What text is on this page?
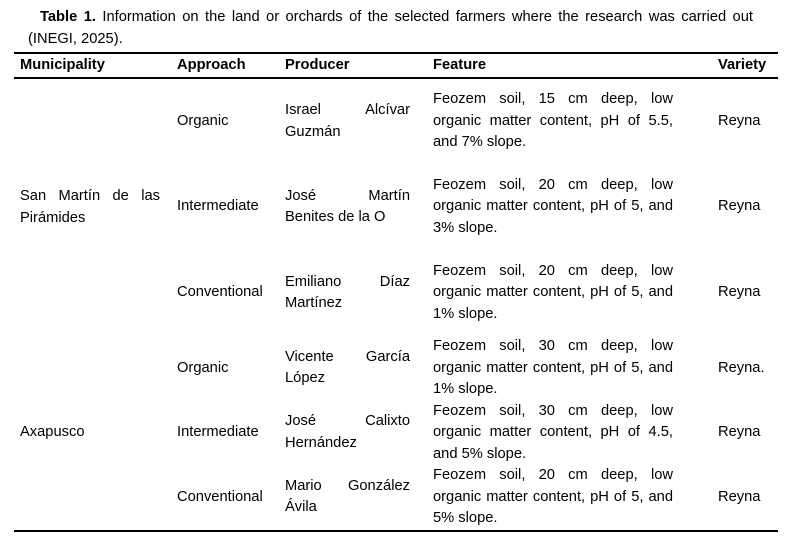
Table 1. Information on the land or orchards of the selected farmers where the research was carried out (INEGI, 2025).

Municipality	Approach	Producer	Feature	Variety
San Martín de las Pirámides	Organic	Israel Alcívar Guzmán	Feozem soil, 15 cm deep, low organic matter content, pH of 5.5, and 7% slope.	Reyna
	Intermediate	José Martín Benites de la O	Feozem soil, 20 cm deep, low organic matter content, pH of 5, and 3% slope.	Reyna
	Conventional	Emiliano Díaz Martínez	Feozem soil, 20 cm deep, low organic matter content, pH of 5, and 1% slope.	Reyna
Axapusco	Organic	Vicente García López	Feozem soil, 30 cm deep, low organic matter content, pH of 5, and 1% slope.	Reyna.
	Intermediate	José Calixto Hernández	Feozem soil, 30 cm deep, low organic matter content, pH of 4.5, and 5% slope.	Reyna
	Conventional	Mario González Ávila	Feozem soil, 20 cm deep, low organic matter content, pH of 5, and 5% slope.	Reyna
